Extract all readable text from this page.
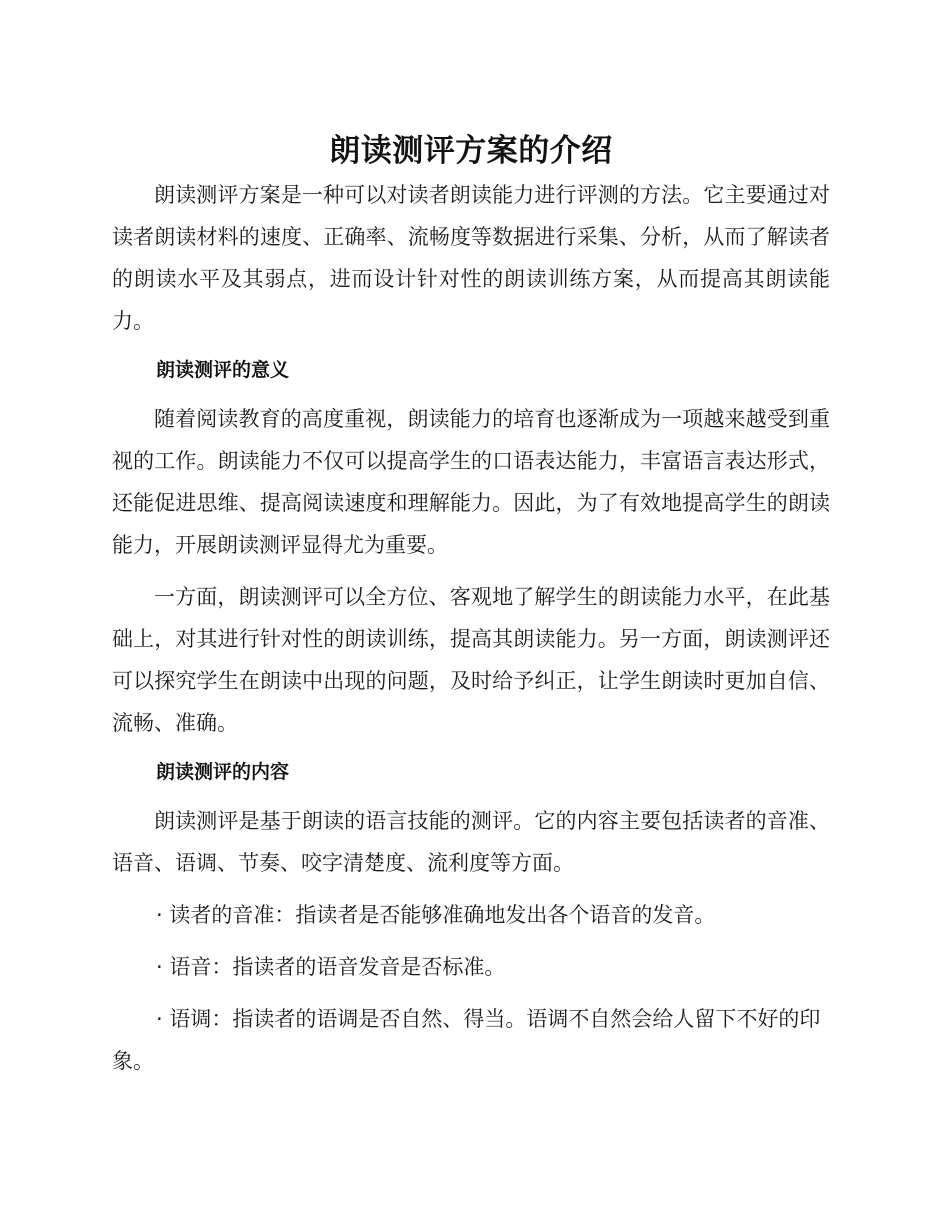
朗读测评方案的介绍

朗读测评方案是一种可以对读者朗读能力进行评测的方法。它主要通过对读者朗读材料的速度、正确率、流畅度等数据进行采集、分析，从而了解读者的朗读水平及其弱点，进而设计针对性的朗读训练方案，从而提高其朗读能力。

朗读测评的意义

随着阅读教育的高度重视，朗读能力的培育也逐渐成为一项越来越受到重视的工作。朗读能力不仅可以提高学生的口语表达能力，丰富语言表达形式，还能促进思维、提高阅读速度和理解能力。因此，为了有效地提高学生的朗读能力，开展朗读测评显得尤为重要。

一方面，朗读测评可以全方位、客观地了解学生的朗读能力水平，在此基础上，对其进行针对性的朗读训练，提高其朗读能力。另一方面，朗读测评还可以探究学生在朗读中出现的问题，及时给予纠正，让学生朗读时更加自信、流畅、准确。

朗读测评的内容

朗读测评是基于朗读的语言技能的测评。它的内容主要包括读者的音准、语音、语调、节奏、咬字清楚度、流利度等方面。

· 读者的音准：指读者是否能够准确地发出各个语音的发音。

· 语音：指读者的语音发音是否标准。

· 语调：指读者的语调是否自然、得当。语调不自然会给人留下不好的印象。
